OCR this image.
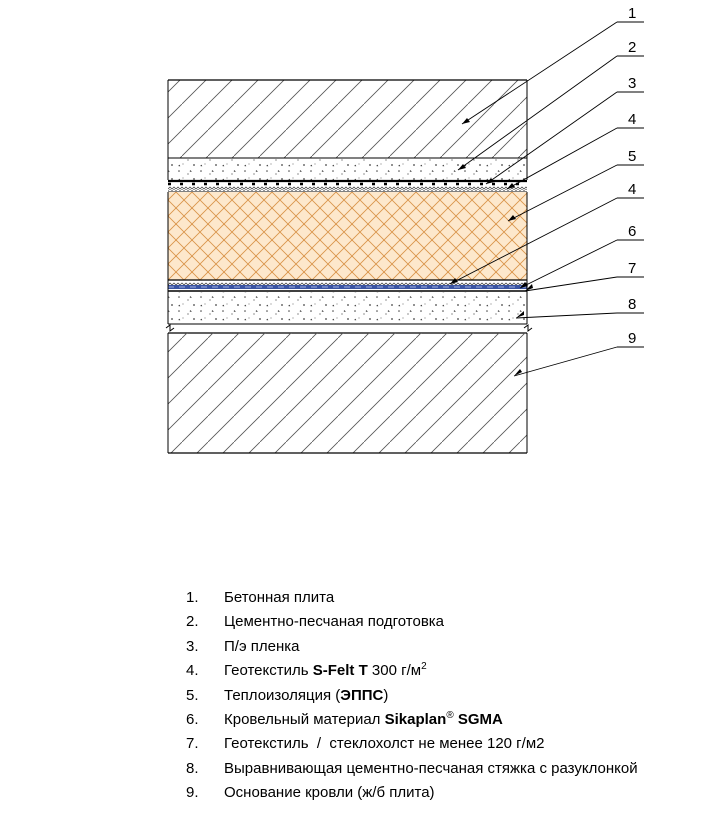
1
2
3
4
5
4
6
7
8
9
1. Бетонная плита
2. Цементно-песчаная подготовка
3. П/э пленка
4. Геотекстиль S-Felt T 300 $г/м^2$
5. Теплоизоляция (ЭППС)
6. Кровельный материал Sikaplan® SGMA
7. Геотекстиль  /  стеклохолст не менее 120 г/м2
8. Выравнивающая цементно-песчаная стяжка с разуклонкой
9. Основание кровли (ж/б плита)
